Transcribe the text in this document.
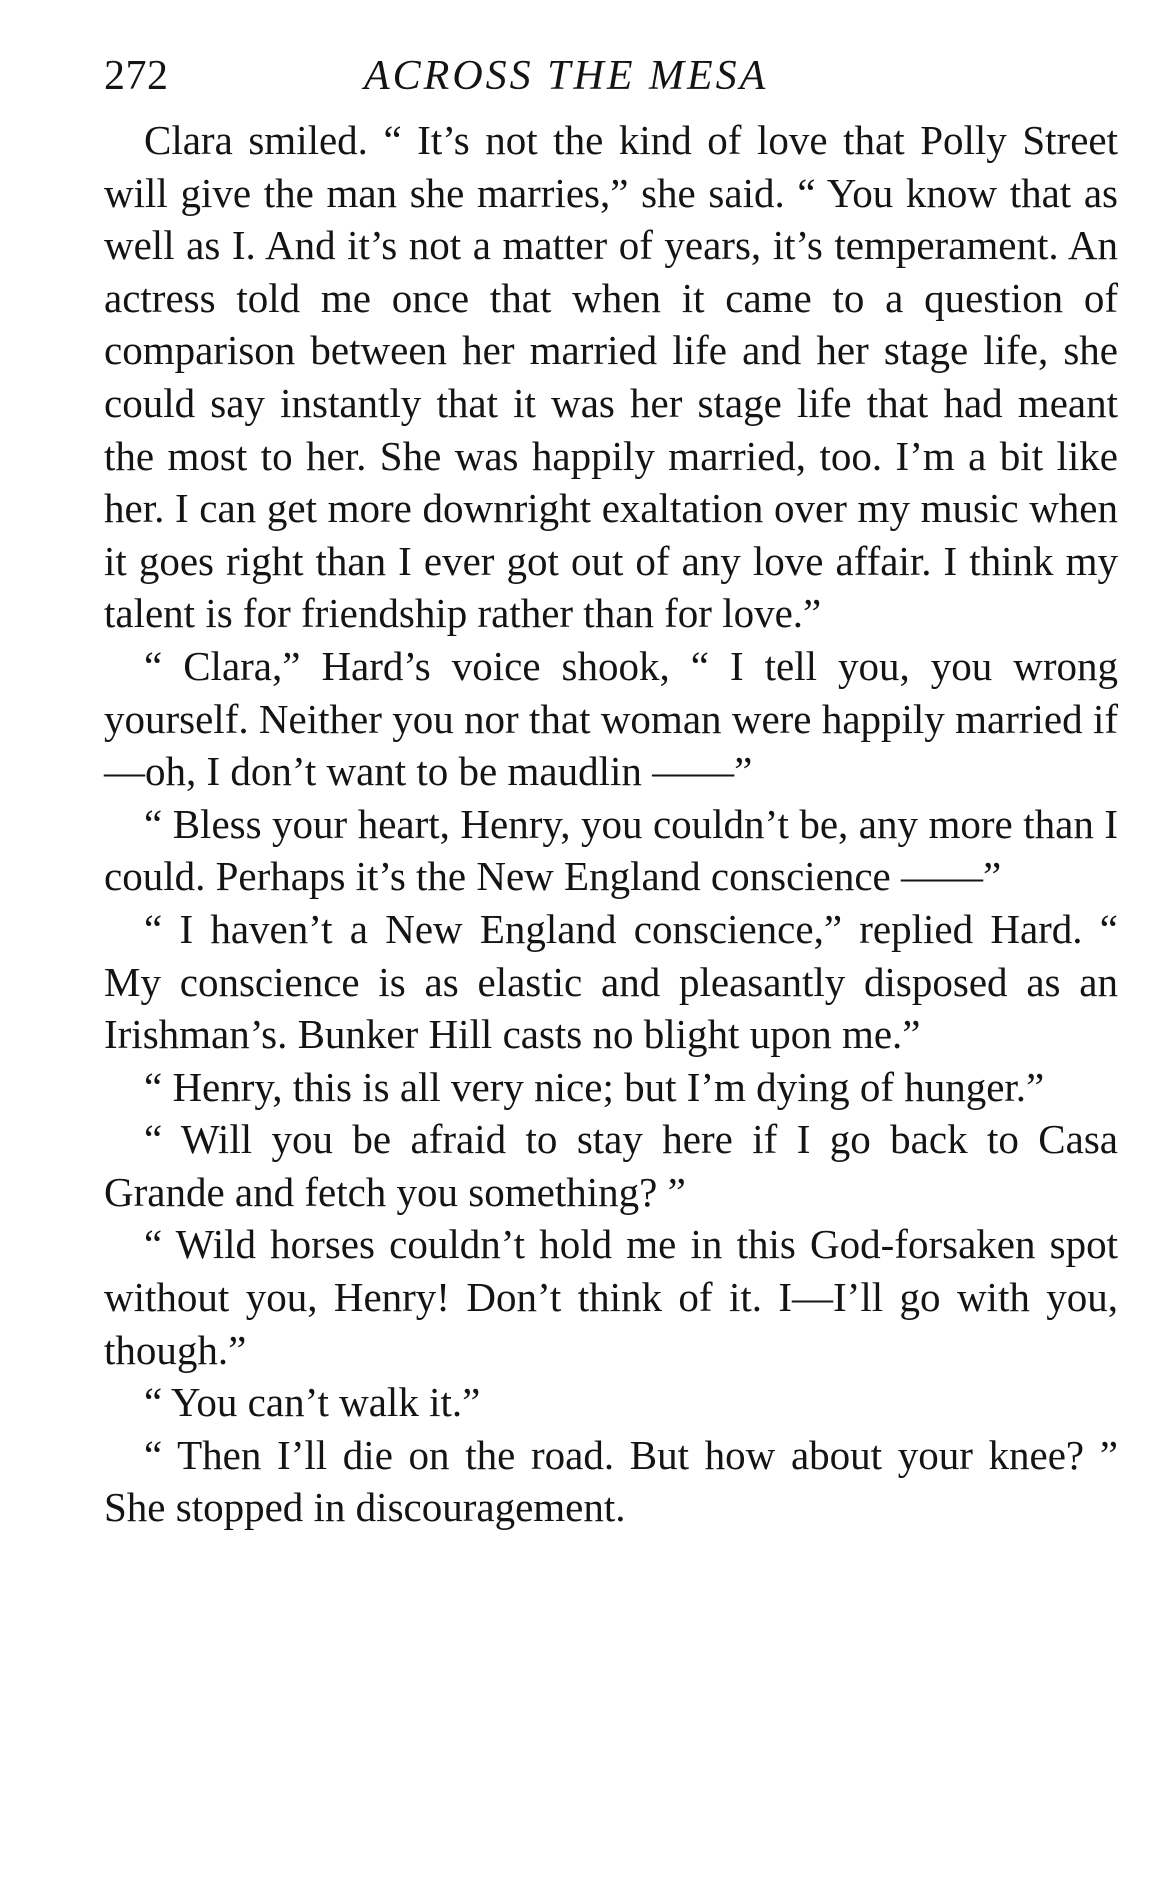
272	ACROSS THE MESA

Clara smiled. “ It’s not the kind of love that Polly Street will give the man she marries,” she said. “ You know that as well as I. And it’s not a matter of years, it’s temperament. An actress told me once that when it came to a question of comparison between her married life and her stage life, she could say instantly that it was her stage life that had meant the most to her. She was happily married, too. I’m a bit like her. I can get more downright exaltation over my music when it goes right than I ever got out of any love affair. I think my talent is for friendship rather than for love.”

“ Clara,” Hard’s voice shook, “ I tell you, you wrong yourself. Neither you nor that woman were happily married if—oh, I don’t want to be maudlin ——”

“ Bless your heart, Henry, you couldn’t be, any more than I could. Perhaps it’s the New England conscience ——”

“ I haven’t a New England conscience,” replied Hard. “ My conscience is as elastic and pleasantly disposed as an Irishman’s. Bunker Hill casts no blight upon me.”

“ Henry, this is all very nice; but I’m dying of hunger.”

“ Will you be afraid to stay here if I go back to Casa Grande and fetch you something? ”

“ Wild horses couldn’t hold me in this God-forsaken spot without you, Henry! Don’t think of it. I—I’ll go with you, though.”

“ You can’t walk it.”

“ Then I’ll die on the road. But how about your knee? ” She stopped in discouragement.
